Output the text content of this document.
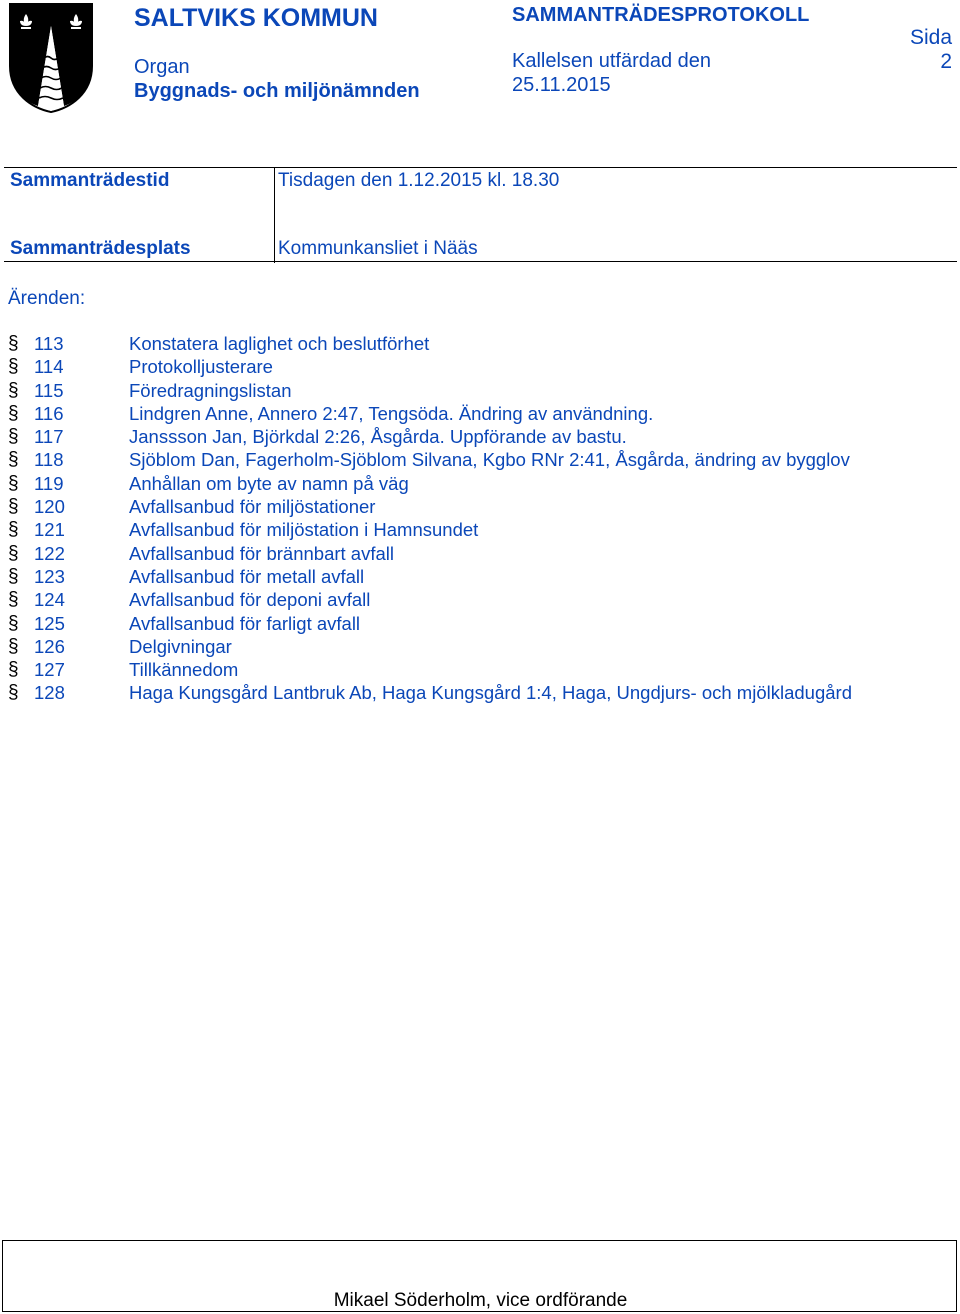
SALTVIKS KOMMUN
Organ
Byggnads- och miljönämnden
SAMMANTRÄDESPROTOKOLL
Kallelsen utfärdad den
25.11.2015
Sida
2
Sammanträdestid	Tisdagen den 1.12.2015 kl. 18.30
Sammanträdesplats	Kommunkansliet i Nääs
Ärenden:
§ 113	Konstatera laglighet och beslutförhet
§ 114	Protokolljusterare
§ 115	Föredragningslistan
§ 116	Lindgren Anne, Annero 2:47, Tengsöda. Ändring av användning.
§ 117	Janssson Jan, Björkdal 2:26, Åsgårda. Uppförande av bastu.
§ 118	Sjöblom Dan, Fagerholm-Sjöblom Silvana, Kgbo RNr 2:41, Åsgårda, ändring av bygglov
§ 119	Anhållan om byte av namn på väg
§ 120	Avfallsanbud för miljöstationer
§ 121	Avfallsanbud för miljöstation i Hamnsundet
§ 122	Avfallsanbud för brännbart avfall
§ 123	Avfallsanbud för metall avfall
§ 124	Avfallsanbud för deponi avfall
§ 125	Avfallsanbud för farligt avfall
§ 126	Delgivningar
§ 127	Tillkännedom
§ 128	Haga Kungsgård Lantbruk Ab, Haga Kungsgård 1:4, Haga, Ungdjurs- och mjölkladugård
Mikael Söderholm, vice ordförande
